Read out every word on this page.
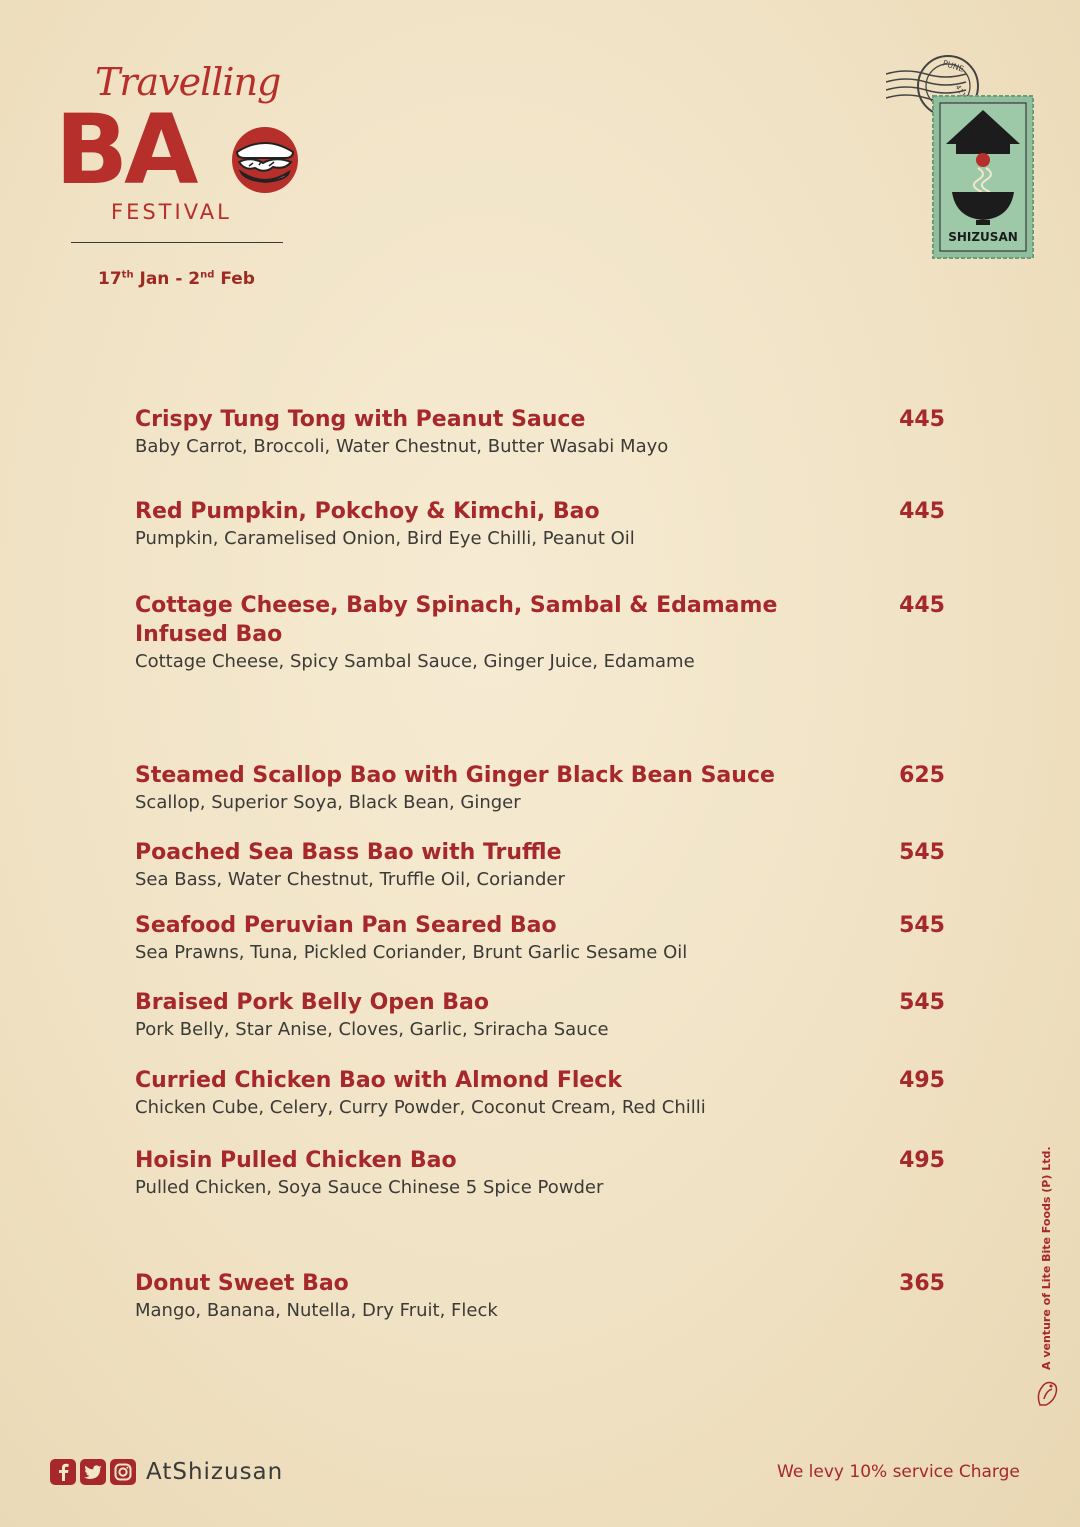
Travelling
BA
FESTIVAL
17th Jan - 2nd Feb
PUNE
SHIZUSAN
Crispy Tung Tong with Peanut Sauce	445
Baby Carrot, Broccoli, Water Chestnut, Butter Wasabi Mayo
Red Pumpkin, Pokchoy & Kimchi, Bao	445
Pumpkin, Caramelised Onion, Bird Eye Chilli, Peanut Oil
Cottage Cheese, Baby Spinach, Sambal & Edamame Infused Bao
445
Cottage Cheese, Spicy Sambal Sauce, Ginger Juice, Edamame
Steamed Scallop Bao with Ginger Black Bean Sauce	625
Scallop, Superior Soya, Black Bean, Ginger
Poached Sea Bass Bao with Truffle	545
Sea Bass, Water Chestnut, Truffle Oil, Coriander
Seafood Peruvian Pan Seared Bao	545
Sea Prawns, Tuna, Pickled Coriander, Brunt Garlic Sesame Oil
Braised Pork Belly Open Bao	545
Pork Belly, Star Anise, Cloves, Garlic, Sriracha Sauce
Curried Chicken Bao with Almond Fleck	495
Chicken Cube, Celery, Curry Powder, Coconut Cream, Red Chilli
Hoisin Pulled Chicken Bao	495
Pulled Chicken, Soya Sauce Chinese 5 Spice Powder
Donut Sweet Bao	365
Mango, Banana, Nutella, Dry Fruit, Fleck
AtShizusan	We levy 10% service Charge
A venture of Lite Bite Foods (P) Ltd.
